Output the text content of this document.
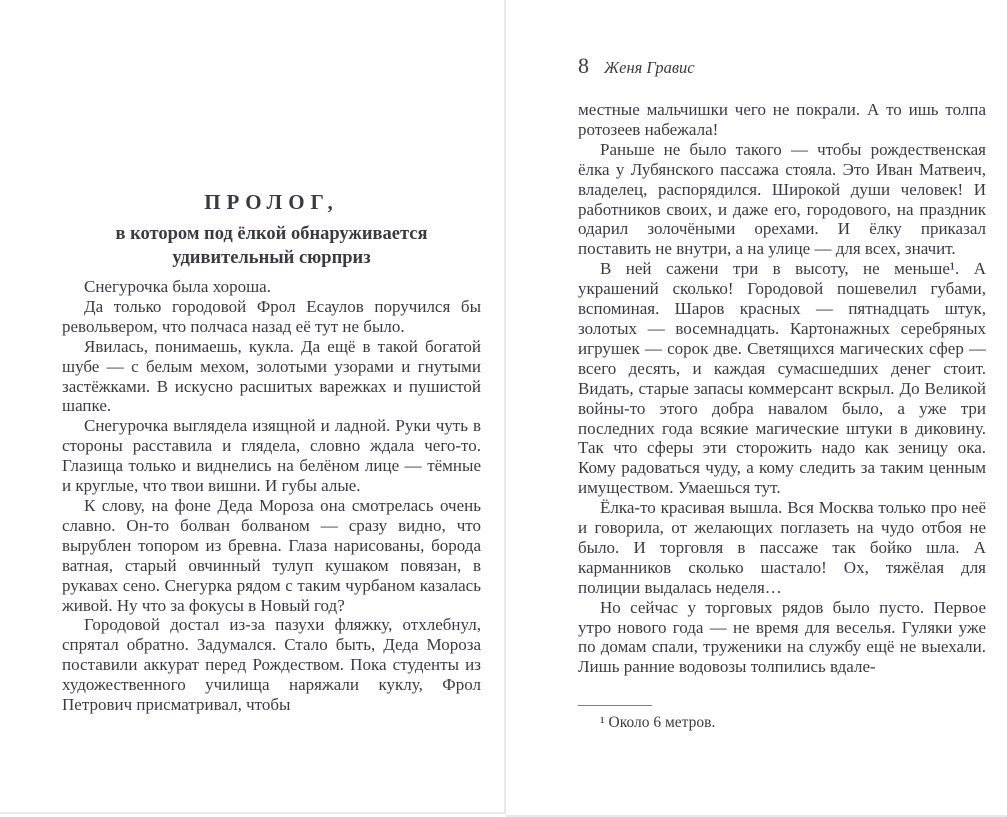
ПРОЛОГ,
в котором под ёлкой обнаруживается удивительный сюрприз

Снегурочка была хороша.

Да только городовой Фрол Есаулов поручился бы револьвером, что полчаса назад её тут не было.

Явилась, понимаешь, кукла. Да ещё в такой богатой шубе — с белым мехом, золотыми узорами и гнутыми застёжками. В искусно расшитых варежках и пушистой шапке.

Снегурочка выглядела изящной и ладной. Руки чуть в стороны расставила и глядела, словно ждала чего-то. Глазища только и виднелись на белёном лице — тёмные и круглые, что твои вишни. И губы алые.

К слову, на фоне Деда Мороза она смотрелась очень славно. Он-то болван болваном — сразу видно, что вырублен топором из бревна. Глаза нарисованы, борода ватная, старый овчинный тулуп кушаком повязан, в рукавах сено. Снегурка рядом с таким чурбаном казалась живой. Ну что за фокусы в Новый год?

Городовой достал из-за пазухи фляжку, отхлебнул, спрятал обратно. Задумался. Стало быть, Деда Мороза поставили аккурат перед Рождеством. Пока студенты из художественного училища наряжали куклу, Фрол Петрович присматривал, чтобы

8 Женя Гравис

местные мальчишки чего не покрали. А то ишь толпа ротозеев набежала!

Раньше не было такого — чтобы рождественская ёлка у Лубянского пассажа стояла. Это Иван Матвеич, владелец, распорядился. Широкой души человек! И работников своих, и даже его, городового, на праздник одарил золочёными орехами. И ёлку приказал поставить не внутри, а на улице — для всех, значит.

В ней сажени три в высоту, не меньше¹. А украшений сколько! Городовой пошевелил губами, вспоминая. Шаров красных — пятнадцать штук, золотых — восемнадцать. Картонажных серебряных игрушек — сорок две. Светящихся магических сфер — всего десять, и каждая сумасшедших денег стоит. Видать, старые запасы коммерсант вскрыл. До Великой войны-то этого добра навалом было, а уже три последних года всякие магические штуки в диковину. Так что сферы эти сторожить надо как зеницу ока. Кому радоваться чуду, а кому следить за таким ценным имуществом. Умаешься тут.

Ёлка-то красивая вышла. Вся Москва только про неё и говорила, от желающих поглазеть на чудо отбоя не было. И торговля в пассаже так бойко шла. А карманников сколько шастало! Ох, тяжёлая для полиции выдалась неделя…

Но сейчас у торговых рядов было пусто. Первое утро нового года — не время для веселья. Гуляки уже по домам спали, труженики на службу ещё не выехали. Лишь ранние водовозы толпились вдале-

¹ Около 6 метров.
